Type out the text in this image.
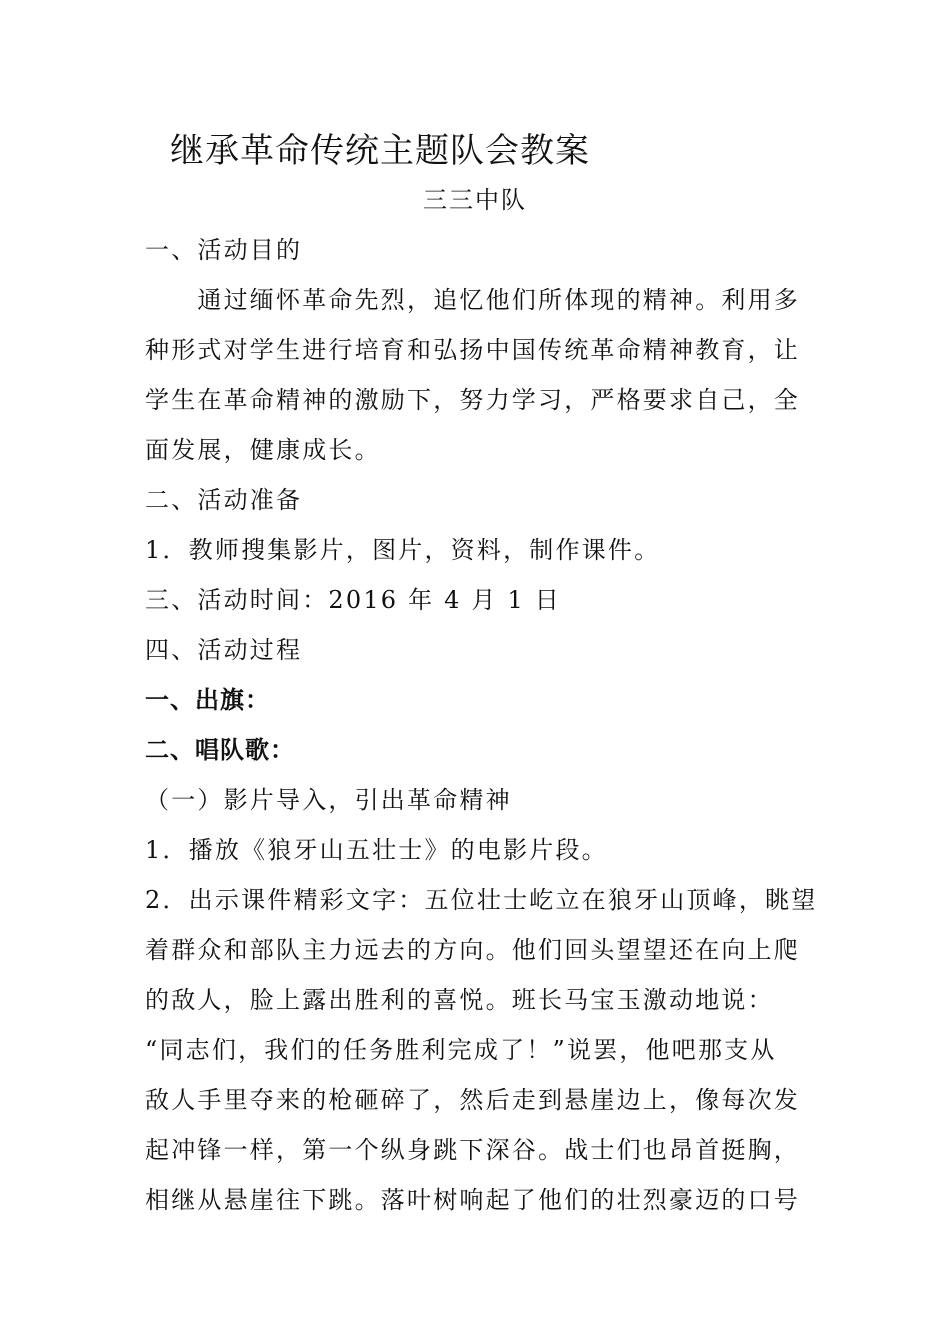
继承革命传统主题队会教案
三三中队
一、活动目的
　　通过缅怀革命先烈，追忆他们所体现的精神。利用多
种形式对学生进行培育和弘扬中国传统革命精神教育，让
学生在革命精神的激励下，努力学习，严格要求自己，全
面发展，健康成长。
二、活动准备
1．教师搜集影片，图片，资料，制作课件。
三、活动时间：2016 年 4 月 1 日
四、活动过程
一、出旗：
二、唱队歌：
（一）影片导入，引出革命精神
1．播放《狼牙山五壮士》的电影片段。
2．出示课件精彩文字：五位壮士屹立在狼牙山顶峰，眺望
着群众和部队主力远去的方向。他们回头望望还在向上爬
的敌人，脸上露出胜利的喜悦。班长马宝玉激动地说：
“同志们，我们的任务胜利完成了！”说罢，他吧那支从
敌人手里夺来的枪砸碎了，然后走到悬崖边上，像每次发
起冲锋一样，第一个纵身跳下深谷。战士们也昂首挺胸，
相继从悬崖往下跳。落叶树响起了他们的壮烈豪迈的口号
